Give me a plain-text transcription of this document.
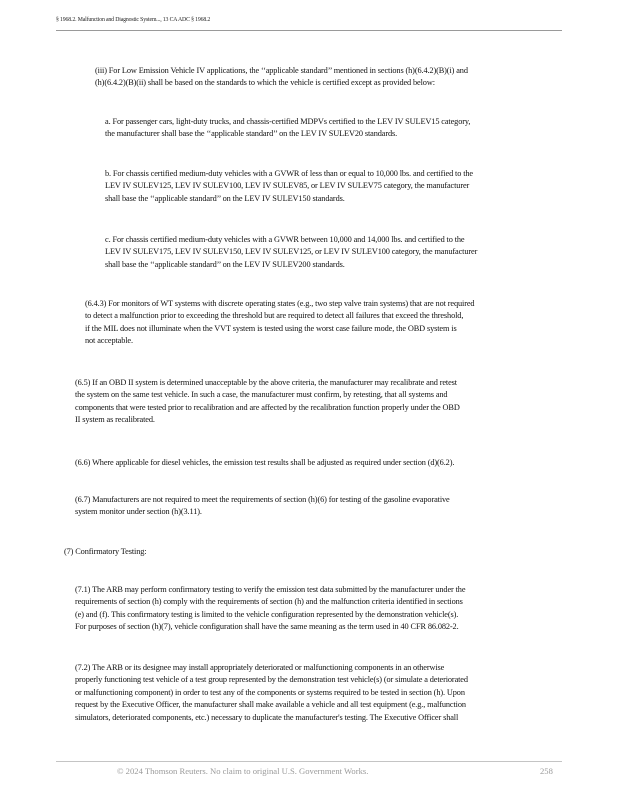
§ 1968.2. Malfunction and Diagnostic System..., 13 CA ADC § 1968.2
(iii) For Low Emission Vehicle IV applications, the ‘‘applicable standard’’ mentioned in sections (h)(6.4.2)(B)(i) and
(h)(6.4.2)(B)(ii) shall be based on the standards to which the vehicle is certified except as provided below:
a. For passenger cars, light-duty trucks, and chassis-certified MDPVs certified to the LEV IV SULEV15 category,
the manufacturer shall base the ‘‘applicable standard’’ on the LEV IV SULEV20 standards.
b. For chassis certified medium-duty vehicles with a GVWR of less than or equal to 10,000 lbs. and certified to the
LEV IV SULEV125, LEV IV SULEV100, LEV IV SULEV85, or LEV IV SULEV75 category, the manufacturer
shall base the ‘‘applicable standard’’ on the LEV IV SULEV150 standards.
c. For chassis certified medium-duty vehicles with a GVWR between 10,000 and 14,000 lbs. and certified to the
LEV IV SULEV175, LEV IV SULEV150, LEV IV SULEV125, or LEV IV SULEV100 category, the manufacturer
shall base the ‘‘applicable standard’’ on the LEV IV SULEV200 standards.
(6.4.3) For monitors of WT systems with discrete operating states (e.g., two step valve train systems) that are not required
to detect a malfunction prior to exceeding the threshold but are required to detect all failures that exceed the threshold,
if the MIL does not illuminate when the VVT system is tested using the worst case failure mode, the OBD system is
not acceptable.
(6.5) If an OBD II system is determined unacceptable by the above criteria, the manufacturer may recalibrate and retest
the system on the same test vehicle. In such a case, the manufacturer must confirm, by retesting, that all systems and
components that were tested prior to recalibration and are affected by the recalibration function properly under the OBD
II system as recalibrated.
(6.6) Where applicable for diesel vehicles, the emission test results shall be adjusted as required under section (d)(6.2).
(6.7) Manufacturers are not required to meet the requirements of section (h)(6) for testing of the gasoline evaporative
system monitor under section (h)(3.11).
(7) Confirmatory Testing:
(7.1) The ARB may perform confirmatory testing to verify the emission test data submitted by the manufacturer under the
requirements of section (h) comply with the requirements of section (h) and the malfunction criteria identified in sections
(e) and (f). This confirmatory testing is limited to the vehicle configuration represented by the demonstration vehicle(s).
For purposes of section (h)(7), vehicle configuration shall have the same meaning as the term used in 40 CFR 86.082-2.
(7.2) The ARB or its designee may install appropriately deteriorated or malfunctioning components in an otherwise
properly functioning test vehicle of a test group represented by the demonstration test vehicle(s) (or simulate a deteriorated
or malfunctioning component) in order to test any of the components or systems required to be tested in section (h). Upon
request by the Executive Officer, the manufacturer shall make available a vehicle and all test equipment (e.g., malfunction
simulators, deteriorated components, etc.) necessary to duplicate the manufacturer's testing. The Executive Officer shall
© 2024 Thomson Reuters. No claim to original U.S. Government Works.	258
